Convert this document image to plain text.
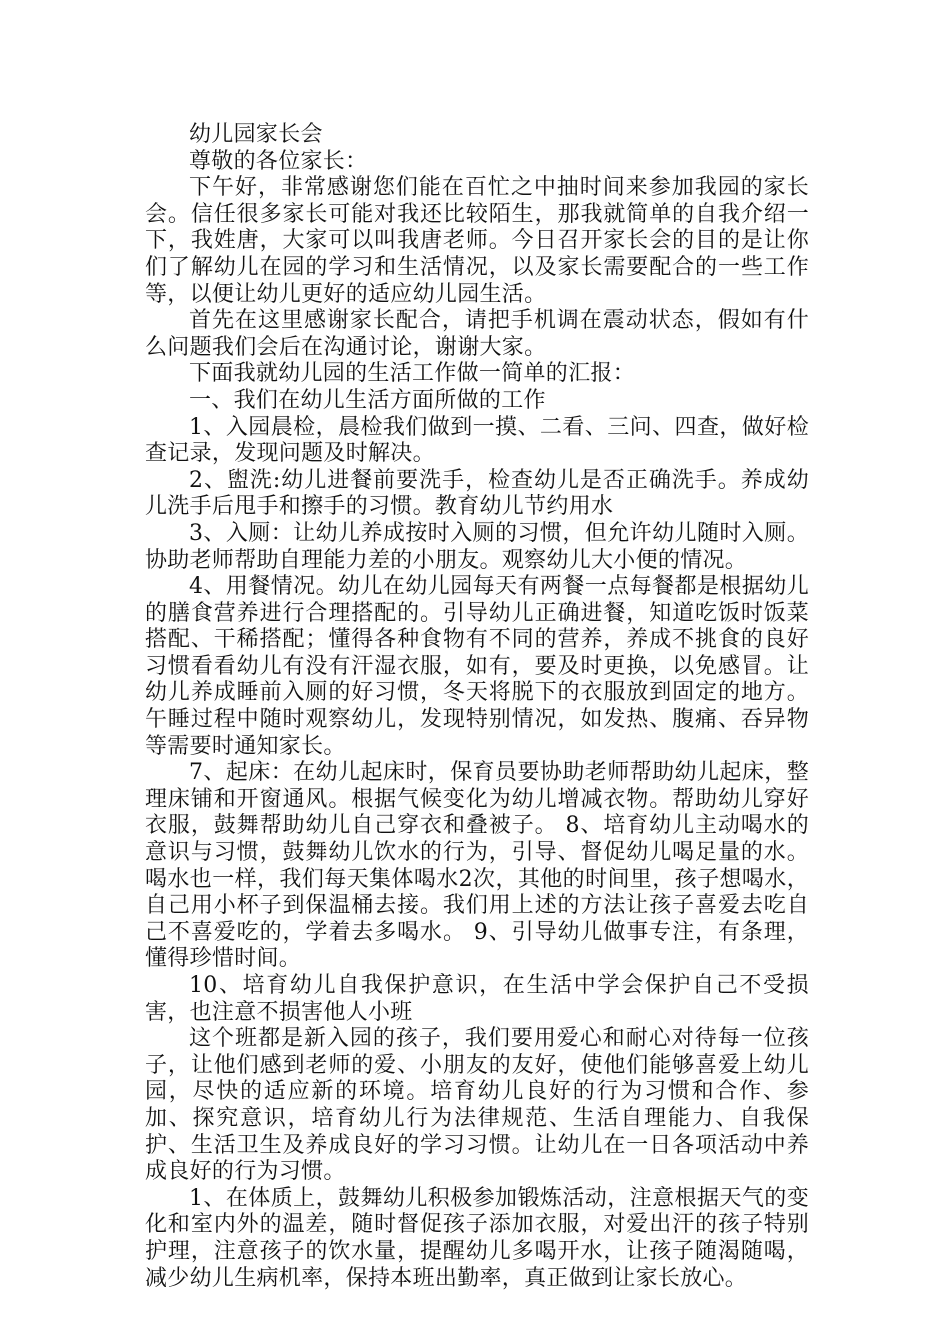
幼儿园家长会

尊敬的各位家长：

下午好，非常感谢您们能在百忙之中抽时间来参加我园的家长会。信任很多家长可能对我还比较陌生，那我就简单的自我介绍一下，我姓唐，大家可以叫我唐老师。今日召开家长会的目的是让你们了解幼儿在园的学习和生活情况，以及家长需要配合的一些工作等，以便让幼儿更好的适应幼儿园生活。

首先在这里感谢家长配合，请把手机调在震动状态，假如有什么问题我们会后在沟通讨论，谢谢大家。

下面我就幼儿园的生活工作做一简单的汇报：

一、我们在幼儿生活方面所做的工作

1、入园晨检，晨检我们做到一摸、二看、三问、四查，做好检查记录，发现问题及时解决。

2、盥洗:幼儿进餐前要洗手，检查幼儿是否正确洗手。养成幼儿洗手后甩手和擦手的习惯。教育幼儿节约用水

3、入厕：让幼儿养成按时入厕的习惯，但允许幼儿随时入厕。协助老师帮助自理能力差的小朋友。观察幼儿大小便的情况。

4、用餐情况。幼儿在幼儿园每天有两餐一点每餐都是根据幼儿的膳食营养进行合理搭配的。引导幼儿正确进餐，知道吃饭时饭菜搭配、干稀搭配；懂得各种食物有不同的营养，养成不挑食的良好习惯看看幼儿有没有汗湿衣服，如有，要及时更换，以免感冒。让幼儿养成睡前入厕的好习惯，冬天将脱下的衣服放到固定的地方。午睡过程中随时观察幼儿，发现特别情况，如发热、腹痛、吞异物等需要时通知家长。

7、起床：在幼儿起床时，保育员要协助老师帮助幼儿起床，整理床铺和开窗通风。根据气候变化为幼儿增减衣物。帮助幼儿穿好衣服，鼓舞帮助幼儿自己穿衣和叠被子。 8、培育幼儿主动喝水的意识与习惯，鼓舞幼儿饮水的行为，引导、督促幼儿喝足量的水。喝水也一样，我们每天集体喝水2次，其他的时间里，孩子想喝水，自己用小杯子到保温桶去接。我们用上述的方法让孩子喜爱去吃自己不喜爱吃的，学着去多喝水。 9、引导幼儿做事专注，有条理，懂得珍惜时间。

10、培育幼儿自我保护意识，在生活中学会保护自己不受损害，也注意不损害他人小班

这个班都是新入园的孩子，我们要用爱心和耐心对待每一位孩子，让他们感到老师的爱、小朋友的友好，使他们能够喜爱上幼儿园，尽快的适应新的环境。培育幼儿良好的行为习惯和合作、参加、探究意识，培育幼儿行为法律规范、生活自理能力、自我保护、生活卫生及养成良好的学习习惯。让幼儿在一日各项活动中养成良好的行为习惯。

1、在体质上，鼓舞幼儿积极参加锻炼活动，注意根据天气的变化和室内外的温差，随时督促孩子添加衣服，对爱出汗的孩子特别护理，注意孩子的饮水量，提醒幼儿多喝开水，让孩子随渴随喝，减少幼儿生病机率，保持本班出勤率，真正做到让家长放心。
